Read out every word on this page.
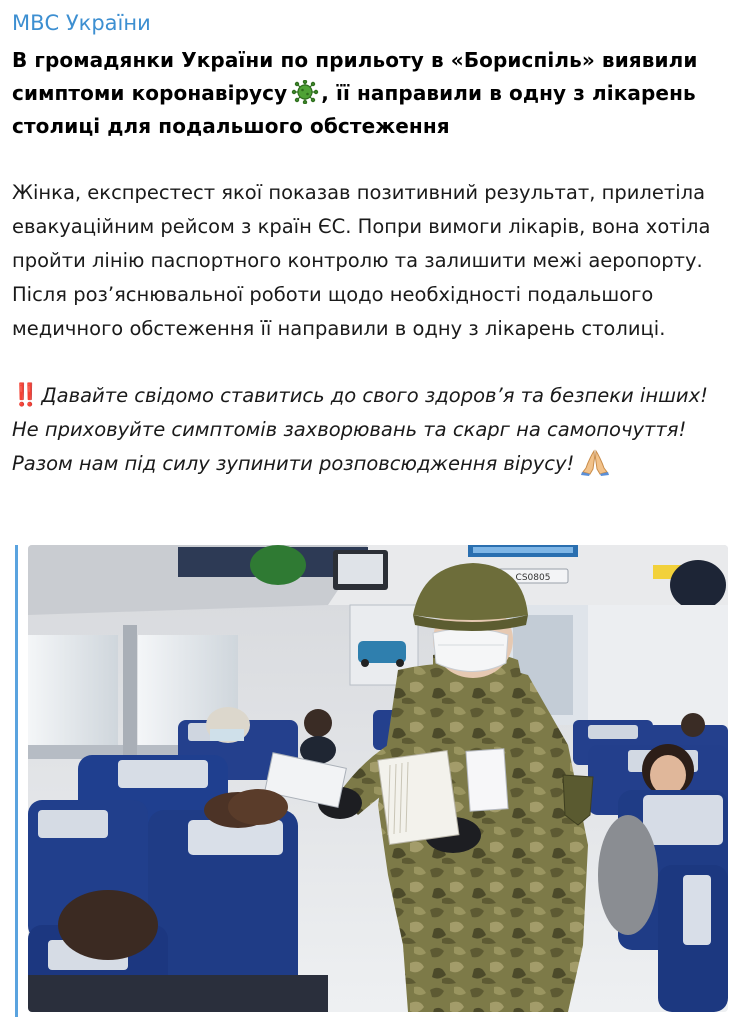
МВС України

В громадянки України по прильоту в «Бориспіль» виявили симптоми коронавірусу , її направили в одну з лікарень столиці для подальшого обстеження

Жінка, експрестест якої показав позитивний результат, прилетіла евакуаційним рейсом з країн ЄС. Попри вимоги лікарів, вона хотіла пройти лінію паспортного контролю та залишити межі аеропорту. Після роз’яснювальної роботи щодо необхідності подальшого медичного обстеження її направили в одну з лікарень столиці.

‼️ Давайте свідомо ставитись до свого здоров’я та безпеки інших! Не приховуйте симптомів захворювань та скарг на самопочуття! Разом нам під силу зупинити розповсюдження вірусу!

CS0805
